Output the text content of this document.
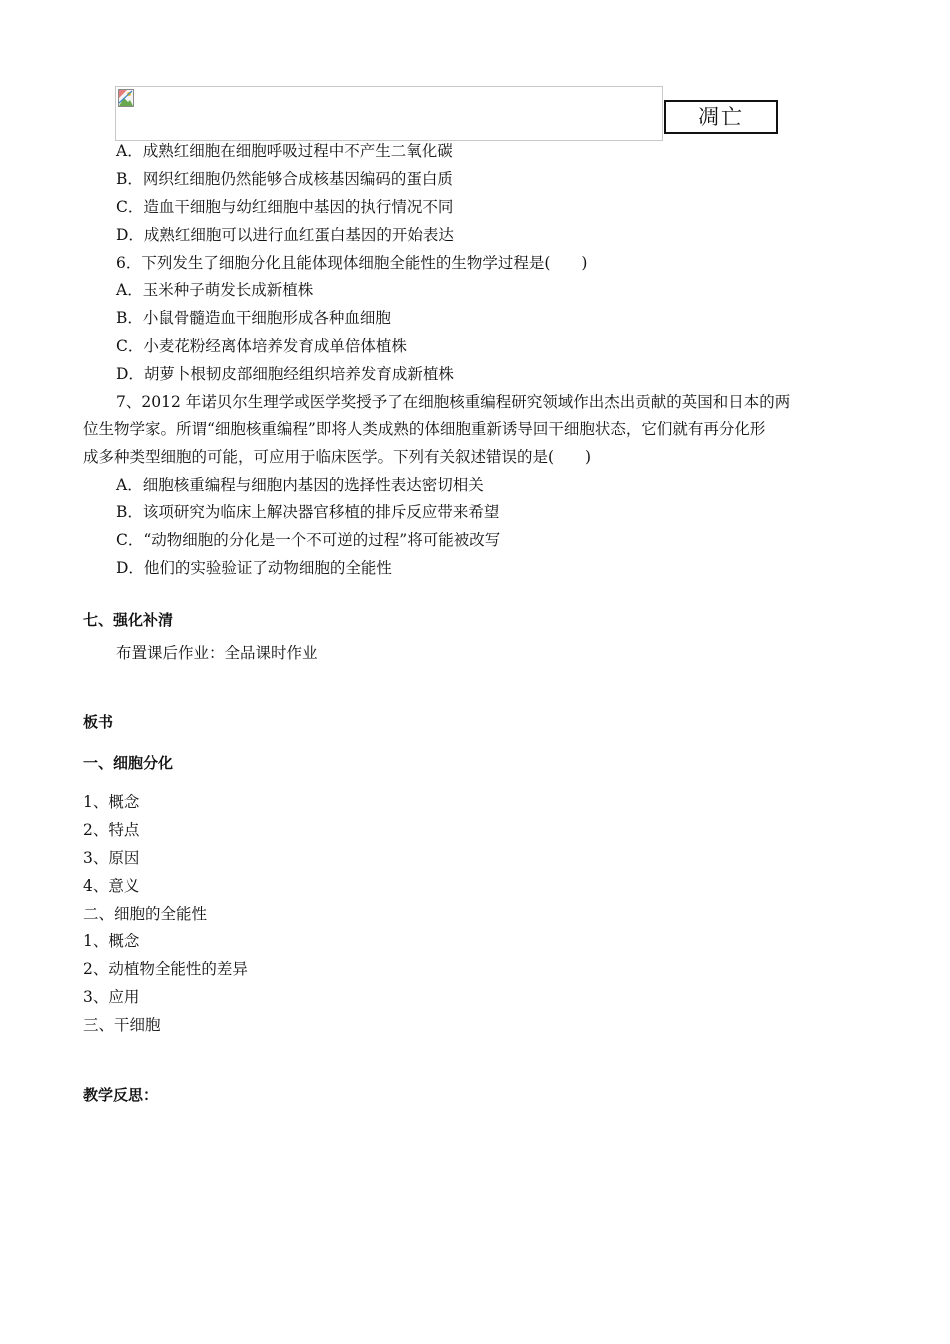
凋亡
A．成熟红细胞在细胞呼吸过程中不产生二氧化碳
B．网织红细胞仍然能够合成核基因编码的蛋白质
C．造血干细胞与幼红细胞中基因的执行情况不同
D．成熟红细胞可以进行血红蛋白基因的开始表达
6．下列发生了细胞分化且能体现体细胞全能性的生物学过程是(　　)
A．玉米种子萌发长成新植株
B．小鼠骨髓造血干细胞形成各种血细胞
C．小麦花粉经离体培养发育成单倍体植株
D．胡萝卜根韧皮部细胞经组织培养发育成新植株
7、2012 年诺贝尔生理学或医学奖授予了在细胞核重编程研究领域作出杰出贡献的英国和日本的两
位生物学家。所谓“细胞核重编程”即将人类成熟的体细胞重新诱导回干细胞状态，它们就有再分化形
成多种类型细胞的可能，可应用于临床医学。下列有关叙述错误的是(　　)
A．细胞核重编程与细胞内基因的选择性表达密切相关
B．该项研究为临床上解决器官移植的排斥反应带来希望
C．“动物细胞的分化是一个不可逆的过程”将可能被改写
D．他们的实验验证了动物细胞的全能性
七、强化补清
布置课后作业：全品课时作业
板书
一、细胞分化
1、概念
2、特点
3、原因
4、意义
二、细胞的全能性
1、概念
2、动植物全能性的差异
3、应用
三、干细胞
教学反思：
